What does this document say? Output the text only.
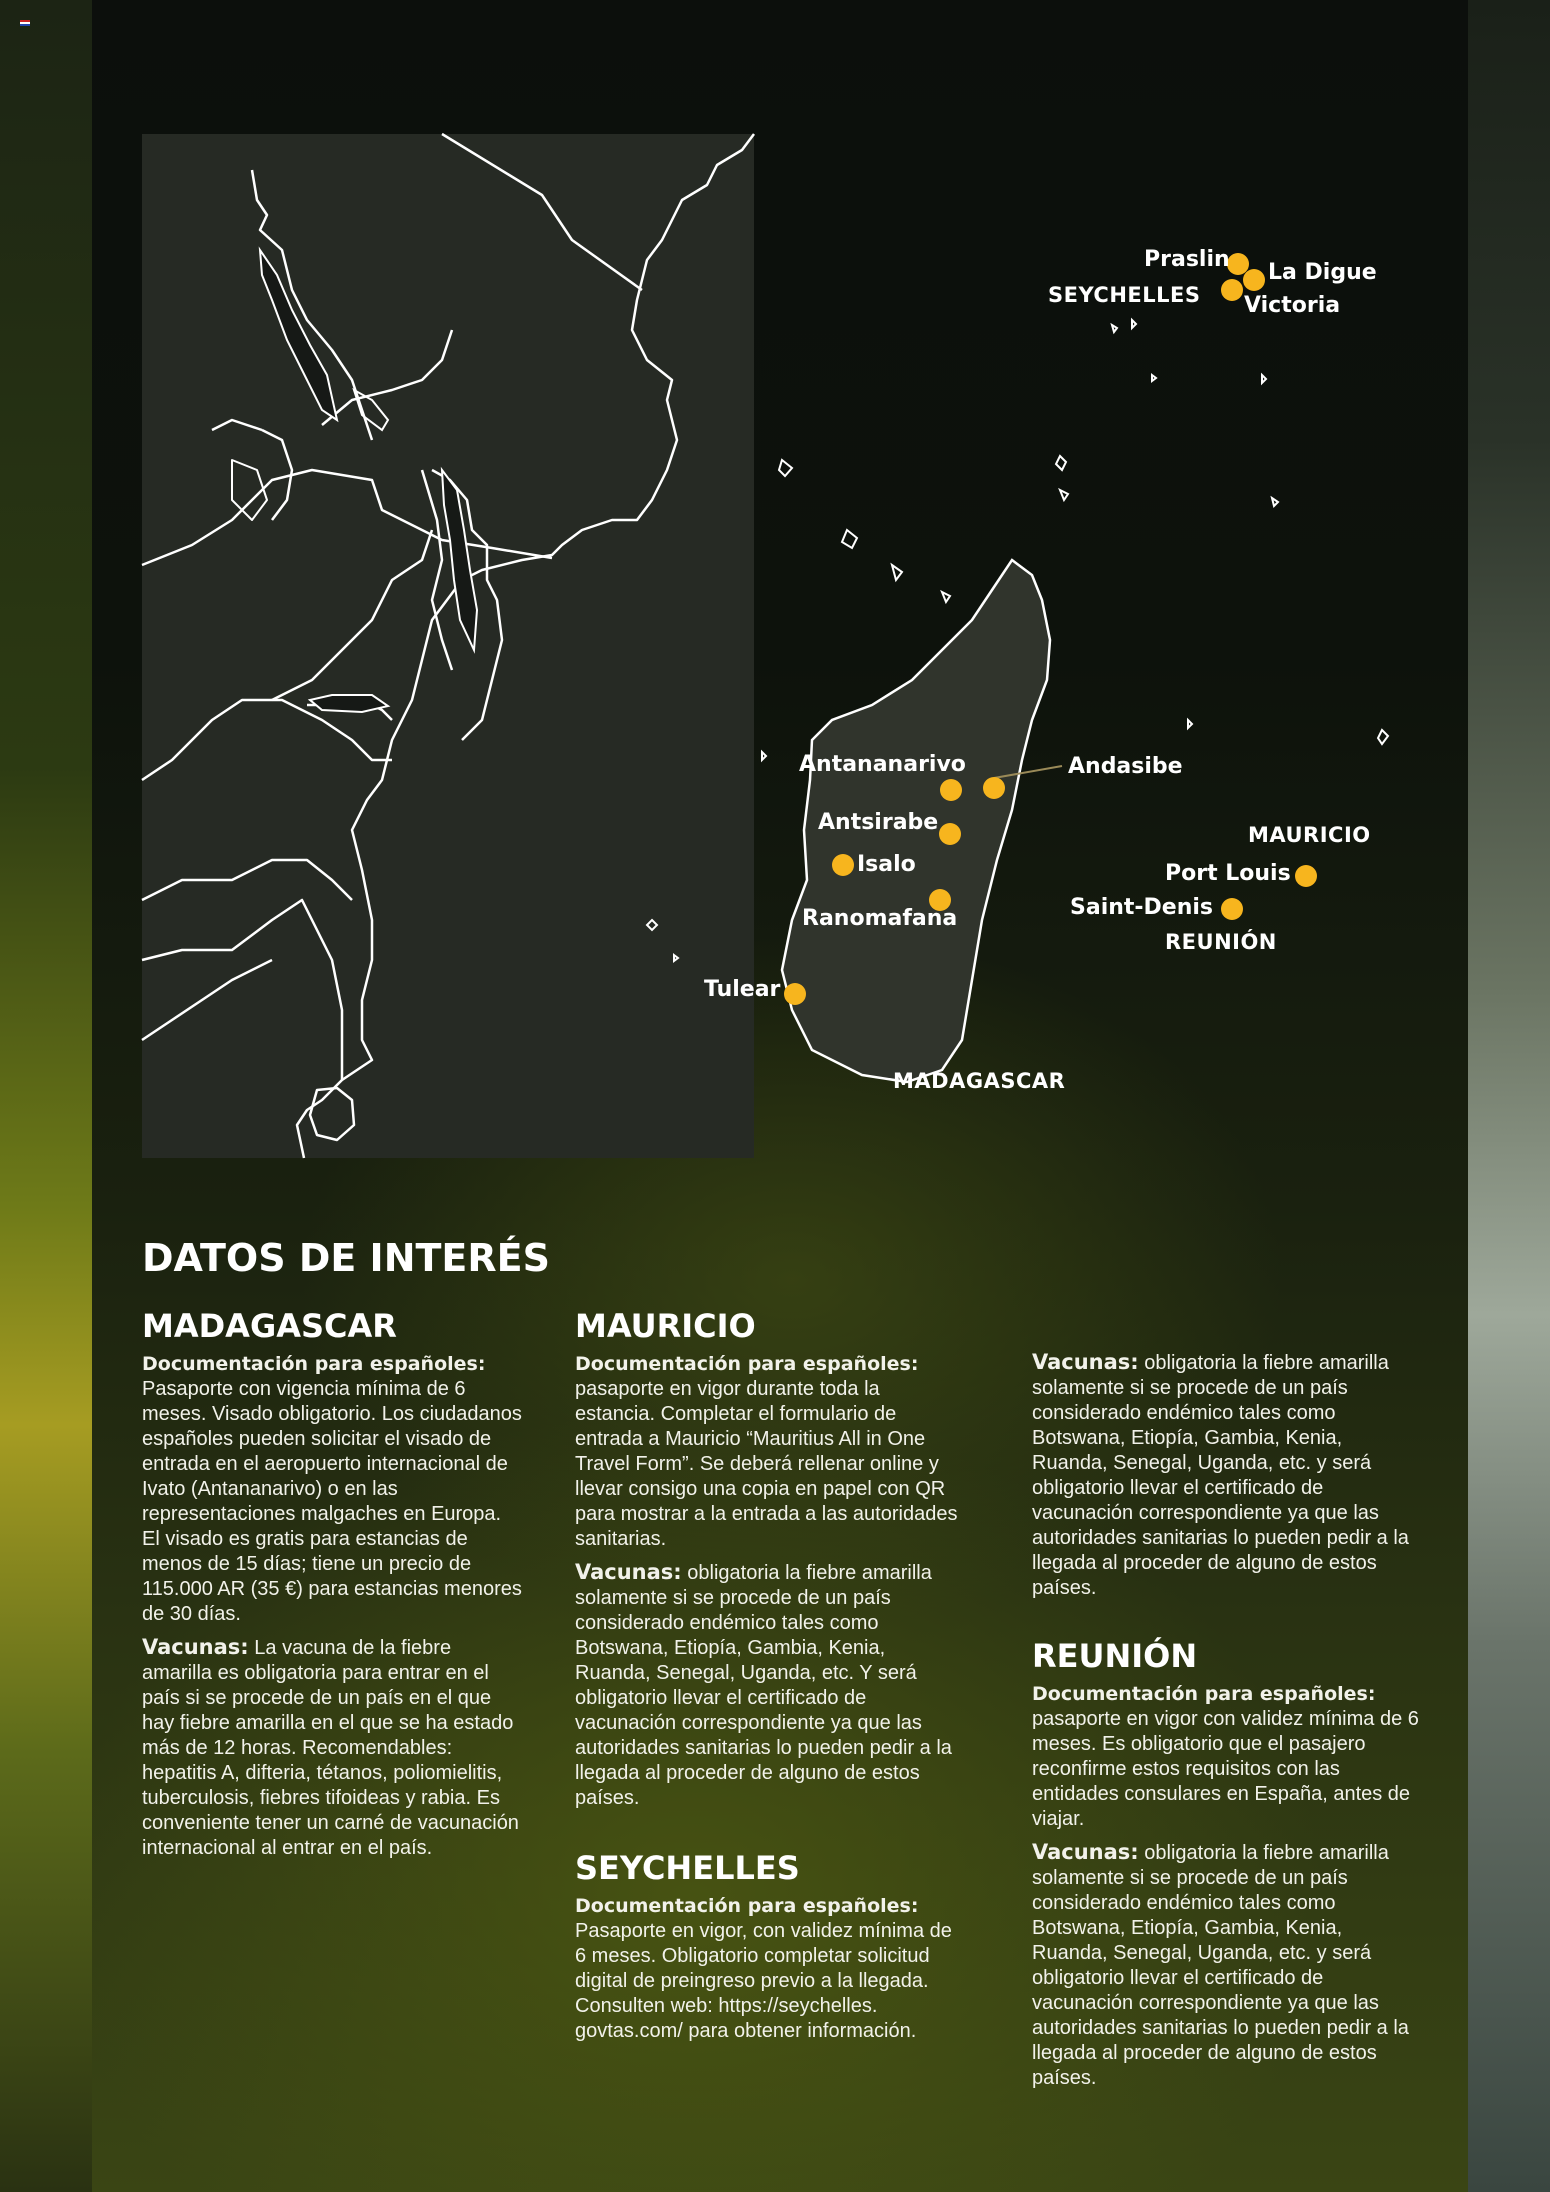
Praslin
La Digue
SEYCHELLES Victoria
Antananarivo	Andasibe
Antsirabe
Isalo
Ranomafana
Tulear
MADAGASCAR
MAURICIO
Port Louis
Saint-Denis
REUNIÓN
DATOS DE INTERÉS
MADAGASCAR

Documentación para españoles:
Pasaporte con vigencia mínima de 6 meses. Visado obligatorio. Los ciudadanos españoles pueden solicitar el visado de entrada en el aeropuerto internacional de Ivato (Antananarivo) o en las representaciones malgaches en Europa. El visado es gratis para estancias de menos de 15 días; tiene un precio de 115.000 AR (35 €) para estancias menores de 30 días.

Vacunas: La vacuna de la fiebre amarilla es obligatoria para entrar en el país si se procede de un país en el que hay fiebre amarilla en el que se ha estado más de 12 horas. Recomendables: hepatitis A, difteria, tétanos, poliomielitis, tuberculosis, fiebres tifoideas y rabia. Es conveniente tener un carné de vacunación internacional al entrar en el país.

MAURICIO

Documentación para españoles:
pasaporte en vigor durante toda la estancia. Completar el formulario de entrada a Mauricio “Mauritius All in One Travel Form”. Se deberá rellenar online y llevar consigo una copia en papel con QR para mostrar a la entrada a las autoridades sanitarias.

Vacunas: obligatoria la fiebre amarilla solamente si se procede de un país considerado endémico tales como Botswana, Etiopía, Gambia, Kenia, Ruanda, Senegal, Uganda, etc. Y será obligatorio llevar el certificado de vacunación correspondiente ya que las autoridades sanitarias lo pueden pedir a la llegada al proceder de alguno de estos países.

SEYCHELLES

Documentación para españoles:
Pasaporte en vigor, con validez mínima de 6 meses. Obligatorio completar solicitud digital de preingreso previo a la llegada. Consulten web: https://seychelles. govtas.com/ para obtener información.

Vacunas: obligatoria la fiebre amarilla solamente si se procede de un país considerado endémico tales como Botswana, Etiopía, Gambia, Kenia, Ruanda, Senegal, Uganda, etc. y será obligatorio llevar el certificado de vacunación correspondiente ya que las autoridades sanitarias lo pueden pedir a la llegada al proceder de alguno de estos países.

REUNIÓN

Documentación para españoles:
pasaporte en vigor con validez mínima de 6 meses. Es obligatorio que el pasajero reconfirme estos requisitos con las entidades consulares en España, antes de viajar.

Vacunas: obligatoria la fiebre amarilla solamente si se procede de un país considerado endémico tales como Botswana, Etiopía, Gambia, Kenia, Ruanda, Senegal, Uganda, etc. y será obligatorio llevar el certificado de vacunación correspondiente ya que las autoridades sanitarias lo pueden pedir a la llegada al proceder de alguno de estos países.
